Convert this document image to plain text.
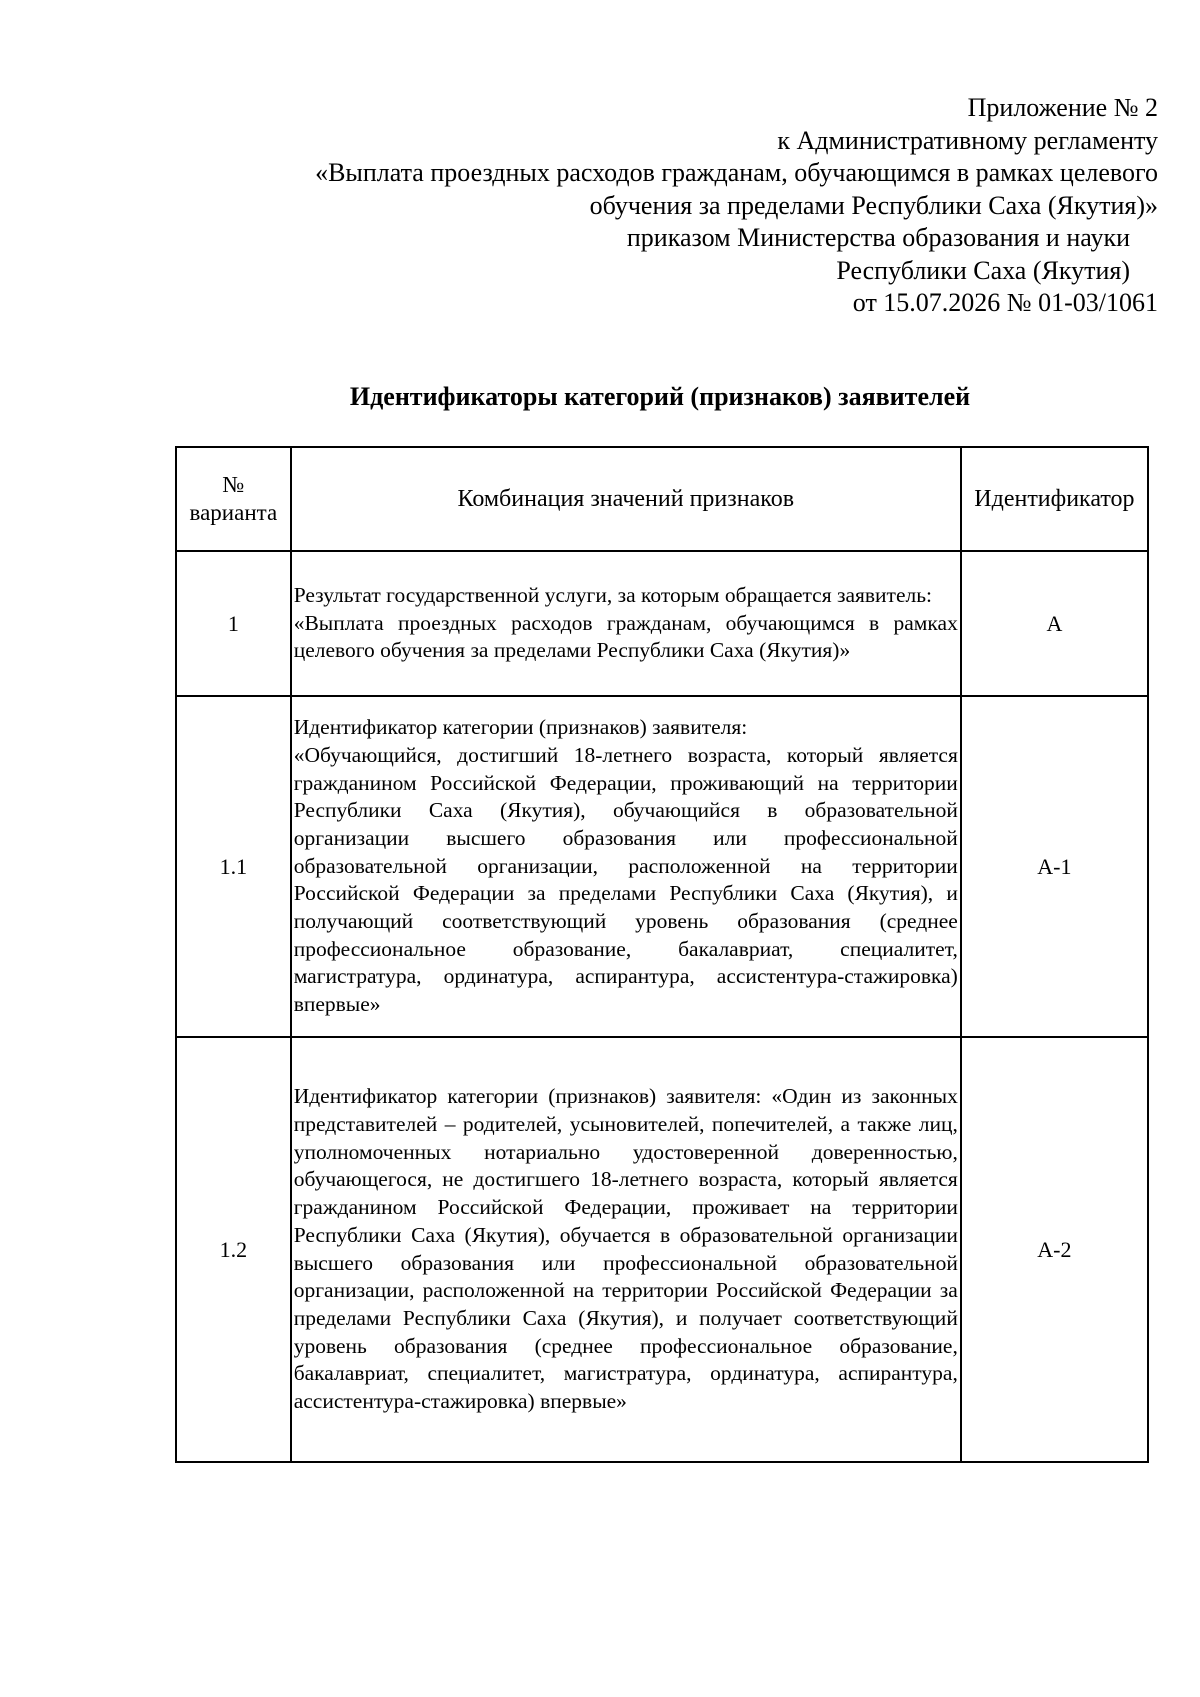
Приложение № 2
к Административному регламенту
«Выплата проездных расходов гражданам, обучающимся в рамках целевого
обучения за пределами Республики Саха (Якутия)»
приказом Министерства образования и науки
Республики Саха (Якутия)
от 15.07.2026 № 01-03/1061
Идентификаторы категорий (признаков) заявителей
№ варианта	Комбинация значений признаков	Идентификатор
1	Результат государственной услуги, за которым обращается заявитель:

«Выплата проездных расходов гражданам, обучающимся в рамках целевого обучения за пределами Республики Саха (Якутия)»	А
1.1	Идентификатор категории (признаков) заявителя:

«Обучающийся, достигший 18-летнего возраста, который является гражданином Российской Федерации, проживающий на территории Республики Саха (Якутия), обучающийся в образовательной организации высшего образования или профессиональной образовательной организации, расположенной на территории Российской Федерации за пределами Республики Саха (Якутия), и получающий соответствующий уровень образования (среднее профессиональное образование, бакалавриат, специалитет, магистратура, ординатура, аспирантура, ассистентура-стажировка) впервые»	А-1
1.2	Идентификатор категории (признаков) заявителя: «Один из законных представителей – родителей, усыновителей, попечителей, а также лиц, уполномоченных нотариально удостоверенной доверенностью, обучающегося, не достигшего 18-летнего возраста, который является гражданином Российской Федерации, проживает на территории Республики Саха (Якутия), обучается в образовательной организации высшего образования или профессиональной образовательной организации, расположенной на территории Российской Федерации за пределами Республики Саха (Якутия), и получает соответствующий уровень образования (среднее профессиональное образование, бакалавриат, специалитет, магистратура, ординатура, аспирантура, ассистентура-стажировка) впервые»	А-2
